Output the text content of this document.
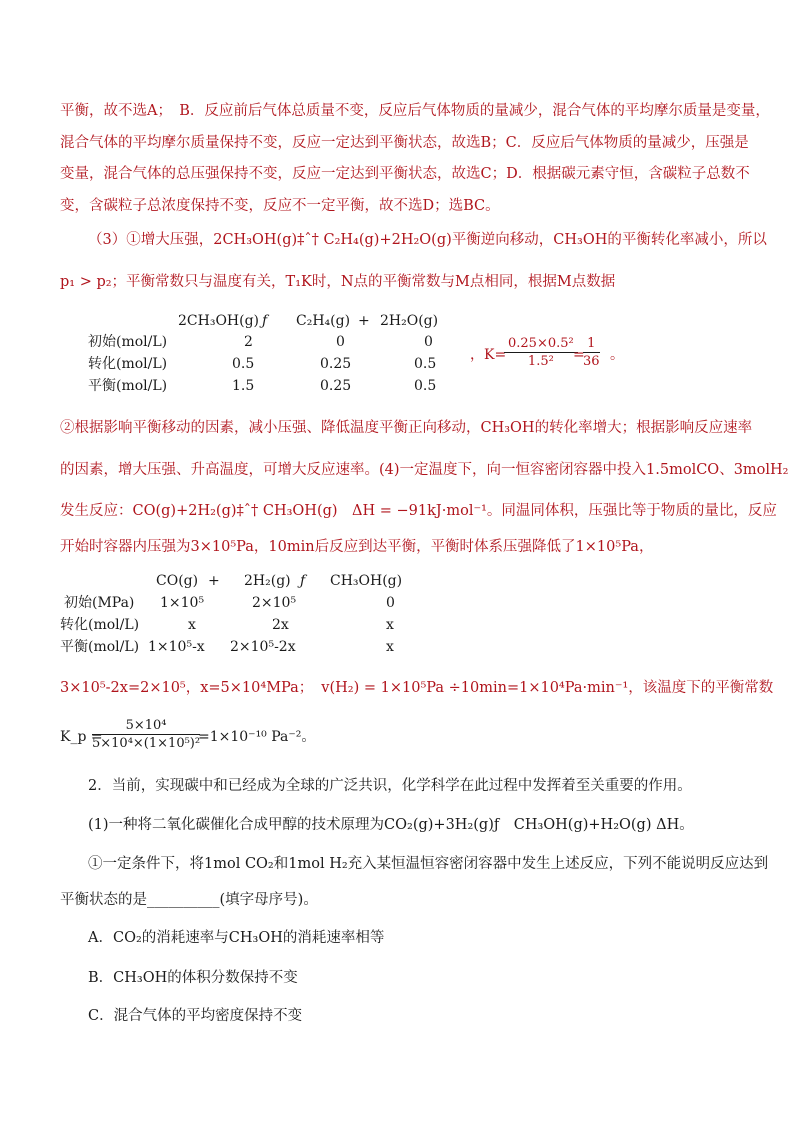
平衡，故不选A；　B．反应前后气体总质量不变，反应后气体物质的量减少，混合气体的平均摩尔质量是变量，
混合气体的平均摩尔质量保持不变，反应一定达到平衡状态，故选B；C．反应后气体物质的量减少，压强是
变量，混合气体的总压强保持不变，反应一定达到平衡状态，故选C；D．根据碳元素守恒，含碳粒子总数不
变，含碳粒子总浓度保持不变，反应不一定平衡，故不选D；选BC。
（3）①增大压强，2CH₃OH(g)‡ˆ† C₂H₄(g)+2H₂O(g)平衡逆向移动，CH₃OH的平衡转化率减小，所以
p₁ > p₂；平衡常数只与温度有关，T₁K时，N点的平衡常数与M点相同，根据M点数据
2CH₃OH(g) ƒ C₂H₄(g) + 2H₂O(g)
初始(mol/L)	2	0	0
转化(mol/L)	0.5	0.25	0.5
平衡(mol/L)	1.5	0.25	0.5
，K=
$\frac{\text{0.25×0.5²}}{\text{1.5²}}$
=
$\frac{1}{36}$ 。
②根据影响平衡移动的因素，减小压强、降低温度平衡正向移动，CH₃OH的转化率增大；根据影响反应速率
的因素，增大压强、升高温度，可增大反应速率。(4)一定温度下，向一恒容密闭容器中投入1.5molCO、3molH₂
发生反应：CO(g)+2H₂(g)‡ˆ† CH₃OH(g)　ΔH = −91kJ·mol⁻¹。同温同体积，压强比等于物质的量比，反应
开始时容器内压强为3×10⁵Pa，10min后反应到达平衡，平衡时体系压强降低了1×10⁵Pa，
CO(g) + 2H₂(g) ƒ CH₃OH(g)
初始(MPa) 1×10⁵	2×10⁵	0
转化(mol/L)	x	2x	x
平衡(mol/L) 1×10⁵-x 2×10⁵-2x	x
3×10⁵-2x=2×10⁵，x=5×10⁴MPa； v(H₂) = 1×10⁵Pa ÷10min=1×10⁴Pa·min⁻¹，该温度下的平衡常数
K_p =
$\frac{\text{5×10⁴}}{\text{5×10⁴×(1×10⁵)²}}$
=1×10⁻¹⁰ Pa⁻²。
2．当前，实现碳中和已经成为全球的广泛共识，化学科学在此过程中发挥着至关重要的作用。
(1)一种将二氧化碳催化合成甲醇的技术原理为CO₂(g)+3H₂(g)ƒ　CH₃OH(g)+H₂O(g) ΔH。
①一定条件下，将1mol CO₂和1mol H₂充入某恒温恒容密闭容器中发生上述反应，下列不能说明反应达到
平衡状态的是__________(填字母序号)。
A．CO₂的消耗速率与CH₃OH的消耗速率相等
B．CH₃OH的体积分数保持不变
C．混合气体的平均密度保持不变
